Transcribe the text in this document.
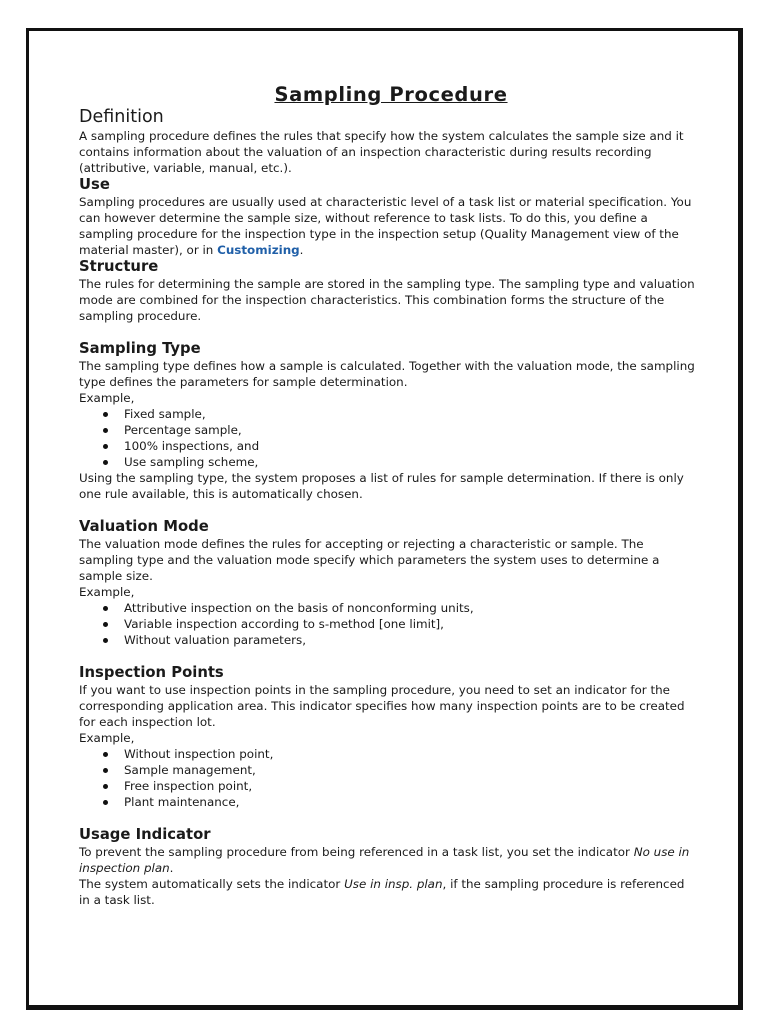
Sampling Procedure
Definition

A sampling procedure defines the rules that specify how the system calculates the sample size and it contains information about the valuation of an inspection characteristic during results recording (attributive, variable, manual, etc.).

Use

Sampling procedures are usually used at characteristic level of a task list or material specification. You can however determine the sample size, without reference to task lists. To do this, you define a sampling procedure for the inspection type in the inspection setup (Quality Management view of the material master), or in Customizing.

Structure

The rules for determining the sample are stored in the sampling type. The sampling type and valuation mode are combined for the inspection characteristics. This combination forms the structure of the sampling procedure.

Sampling Type

The sampling type defines how a sample is calculated. Together with the valuation mode, the sampling type defines the parameters for sample determination.

Example,

Fixed sample,
Percentage sample,
100% inspections, and
Use sampling scheme,

Using the sampling type, the system proposes a list of rules for sample determination. If there is only one rule available, this is automatically chosen.

Valuation Mode

The valuation mode defines the rules for accepting or rejecting a characteristic or sample. The sampling type and the valuation mode specify which parameters the system uses to determine a sample size.

Example,

Attributive inspection on the basis of nonconforming units,
Variable inspection according to s-method [one limit],
Without valuation parameters,
Inspection Points

If you want to use inspection points in the sampling procedure, you need to set an indicator for the corresponding application area. This indicator specifies how many inspection points are to be created for each inspection lot.

Example,

Without inspection point,
Sample management,
Free inspection point,
Plant maintenance,
Usage Indicator

To prevent the sampling procedure from being referenced in a task list, you set the indicator No use in inspection plan.

The system automatically sets the indicator Use in insp. plan, if the sampling procedure is referenced in a task list.
